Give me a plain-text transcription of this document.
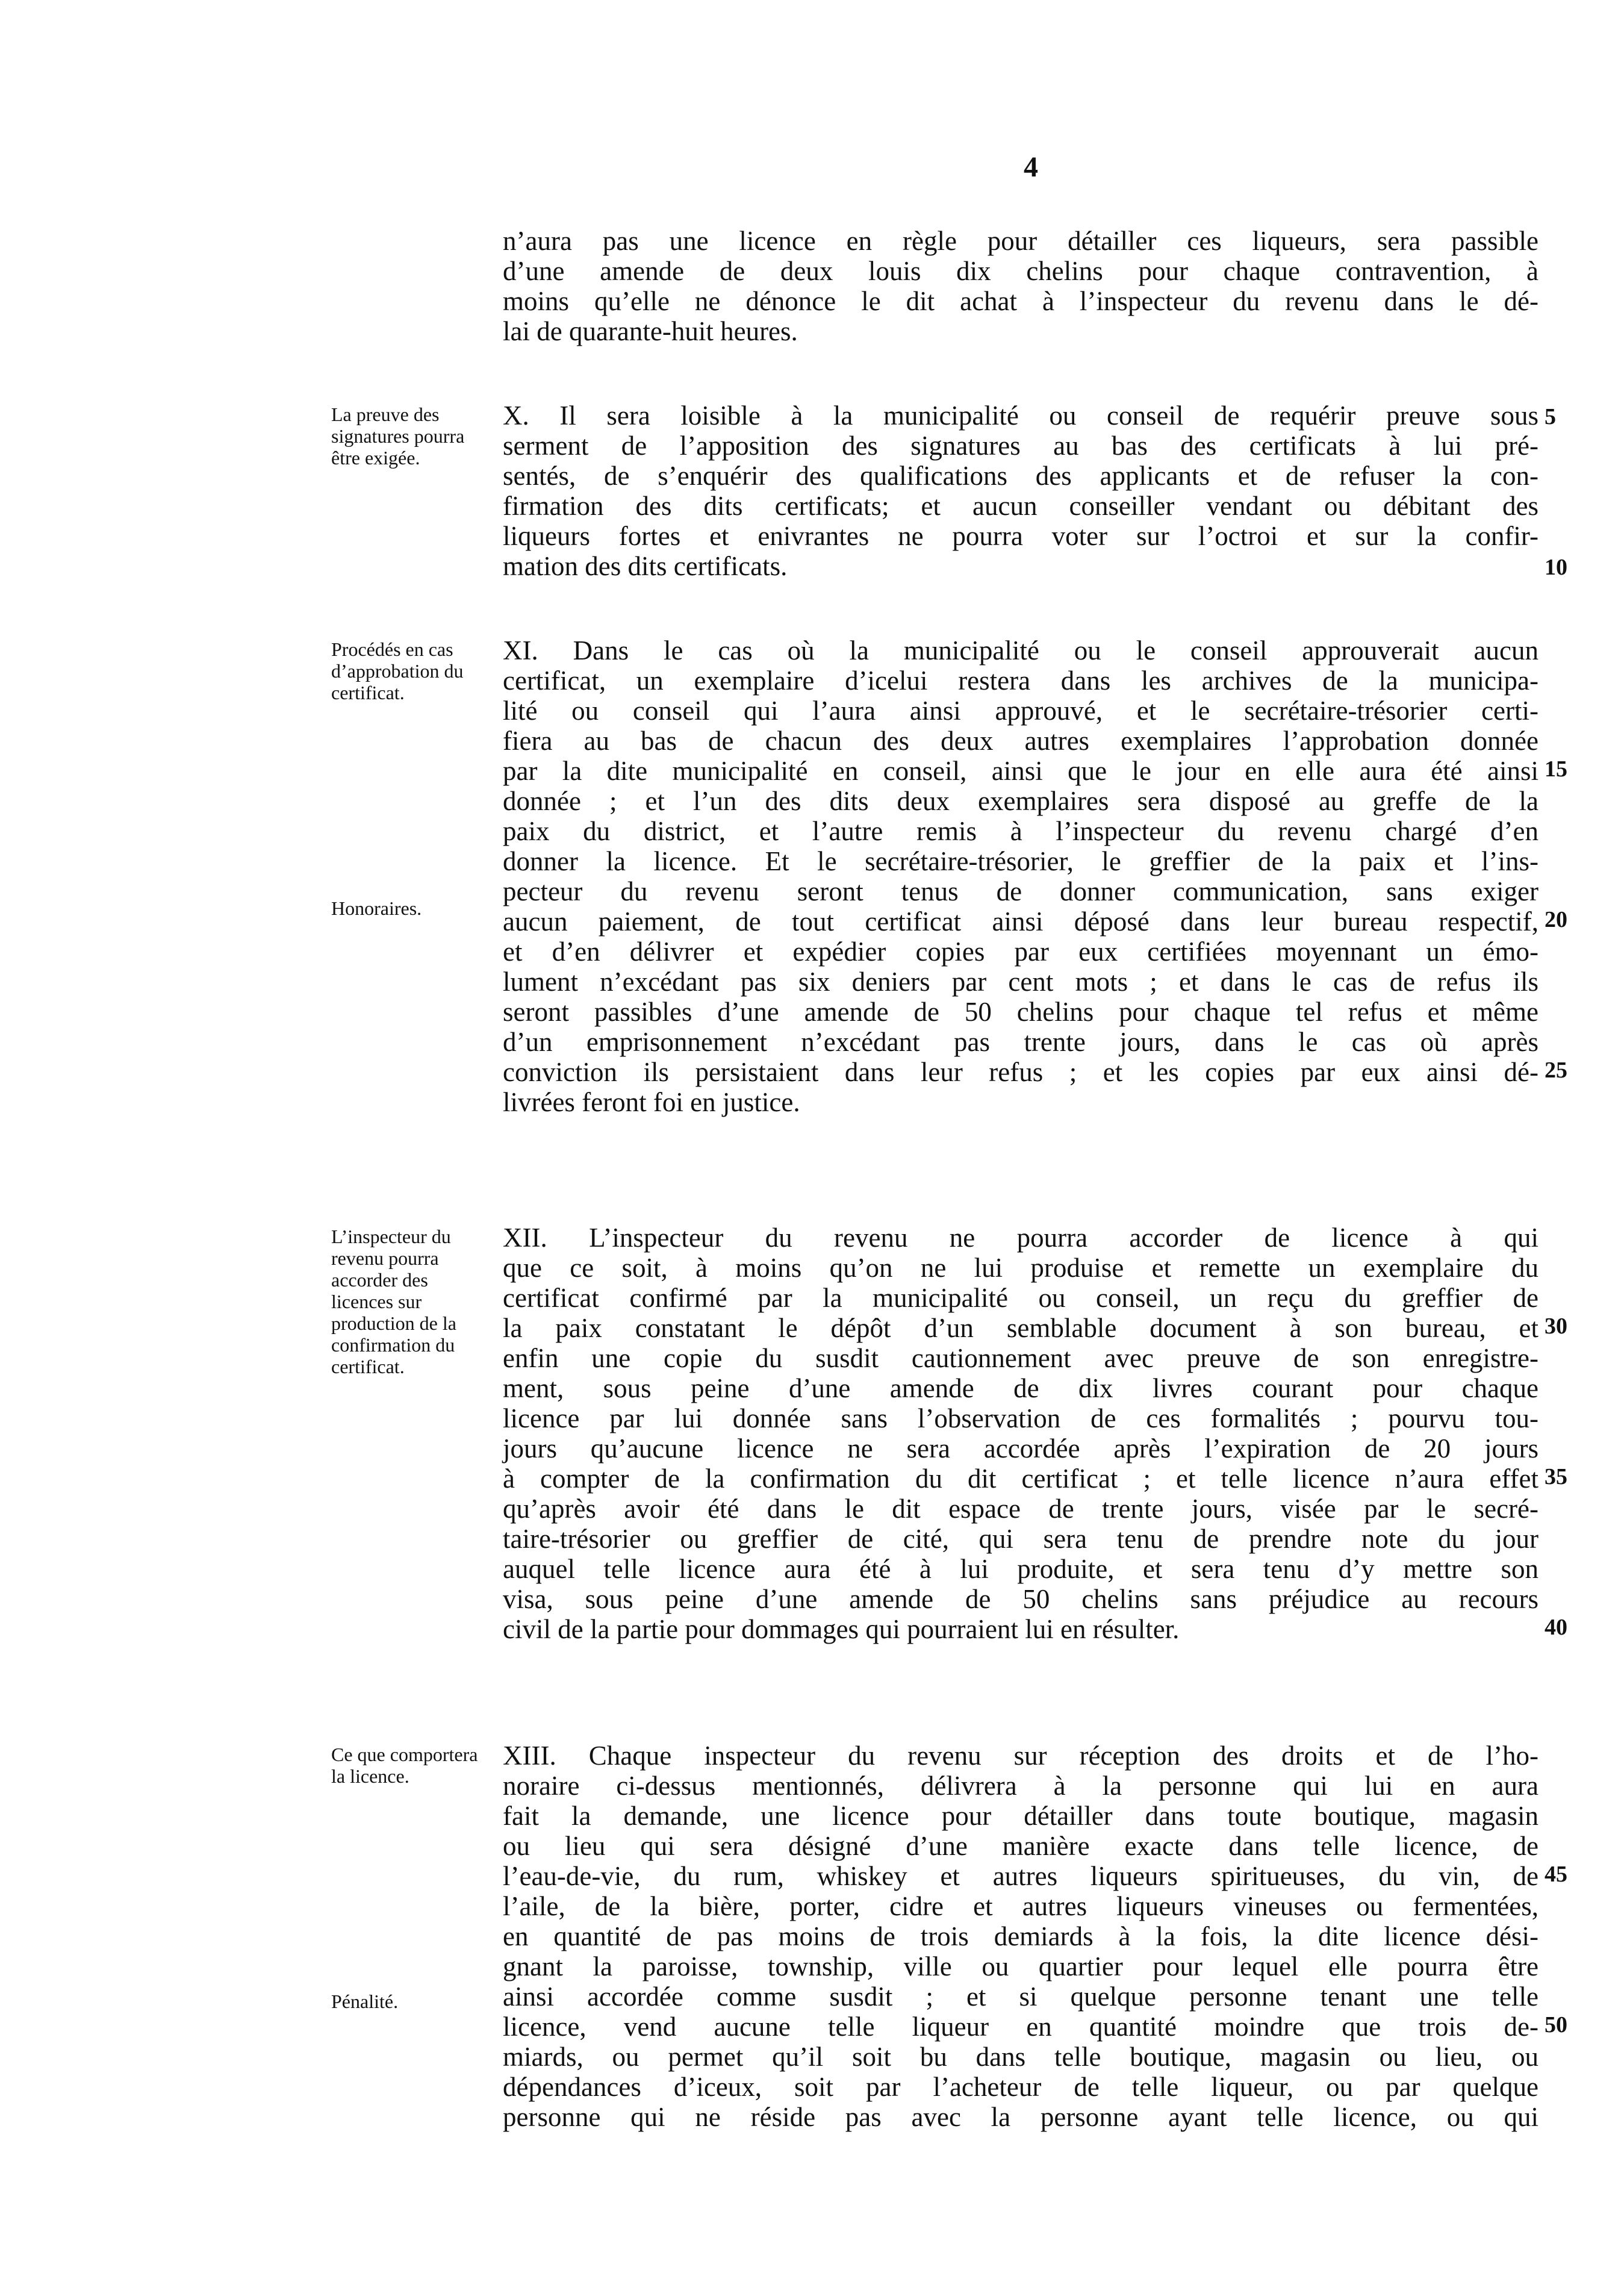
4
n’aura pas une licence en règle pour détailler ces liqueurs, sera passible
d’une amende de deux louis dix chelins pour chaque contravention, à
moins qu’elle ne dénonce le dit achat à l’inspecteur du revenu dans le dé-
lai de quarante-huit heures.
La preuve des signatures pourra être exigée.
X. Il sera loisible à la municipalité ou conseil de requérir preuve sous
serment de l’apposition des signatures au bas des certificats à lui pré-
sentés, de s’enquérir des qualifications des applicants et de refuser la con-
firmation des dits certificats; et aucun conseiller vendant ou débitant des
liqueurs fortes et enivrantes ne pourra voter sur l’octroi et sur la confir-
mation des dits certificats.
Procédés en cas d’approbation du certificat.
Honoraires.
XI. Dans le cas où la municipalité ou le conseil approuverait aucun
certificat, un exemplaire d’icelui restera dans les archives de la municipa-
lité ou conseil qui l’aura ainsi approuvé, et le secrétaire-trésorier certi-
fiera au bas de chacun des deux autres exemplaires l’approbation donnée
par la dite municipalité en conseil, ainsi que le jour en elle aura été ainsi
donnée ; et l’un des dits deux exemplaires sera disposé au greffe de la
paix du district, et l’autre remis à l’inspecteur du revenu chargé d’en
donner la licence. Et le secrétaire-trésorier, le greffier de la paix et l’ins-
pecteur du revenu seront tenus de donner communication, sans exiger
aucun paiement, de tout certificat ainsi déposé dans leur bureau respectif,
et d’en délivrer et expédier copies par eux certifiées moyennant un émo-
lument n’excédant pas six deniers par cent mots ; et dans le cas de refus ils
seront passibles d’une amende de 50 chelins pour chaque tel refus et même
d’un emprisonnement n’excédant pas trente jours, dans le cas où après
conviction ils persistaient dans leur refus ; et les copies par eux ainsi dé-
livrées feront foi en justice.
L’inspecteur du revenu pourra accorder des licences sur production de la confirmation du certificat.
XII. L’inspecteur du revenu ne pourra accorder de licence à qui
que ce soit, à moins qu’on ne lui produise et remette un exemplaire du
certificat confirmé par la municipalité ou conseil, un reçu du greffier de
la paix constatant le dépôt d’un semblable document à son bureau, et
enfin une copie du susdit cautionnement avec preuve de son enregistre-
ment, sous peine d’une amende de dix livres courant pour chaque
licence par lui donnée sans l’observation de ces formalités ; pourvu tou-
jours qu’aucune licence ne sera accordée après l’expiration de 20 jours
à compter de la confirmation du dit certificat ; et telle licence n’aura effet
qu’après avoir été dans le dit espace de trente jours, visée par le secré-
taire-trésorier ou greffier de cité, qui sera tenu de prendre note du jour
auquel telle licence aura été à lui produite, et sera tenu d’y mettre son
visa, sous peine d’une amende de 50 chelins sans préjudice au recours
civil de la partie pour dommages qui pourraient lui en résulter.
Ce que comportera la licence.
Pénalité.
XIII. Chaque inspecteur du revenu sur réception des droits et de l’ho-
noraire ci-dessus mentionnés, délivrera à la personne qui lui en aura
fait la demande, une licence pour détailler dans toute boutique, magasin
ou lieu qui sera désigné d’une manière exacte dans telle licence, de
l’eau-de-vie, du rum, whiskey et autres liqueurs spiritueuses, du vin, de
l’aile, de la bière, porter, cidre et autres liqueurs vineuses ou fermentées,
en quantité de pas moins de trois demiards à la fois, la dite licence dési-
gnant la paroisse, township, ville ou quartier pour lequel elle pourra être
ainsi accordée comme susdit ; et si quelque personne tenant une telle
licence, vend aucune telle liqueur en quantité moindre que trois de-
miards, ou permet qu’il soit bu dans telle boutique, magasin ou lieu, ou
dépendances d’iceux, soit par l’acheteur de telle liqueur, ou par quelque
personne qui ne réside pas avec la personne ayant telle licence, ou qui
5
10
15
20
25
30
35
40
45
50
